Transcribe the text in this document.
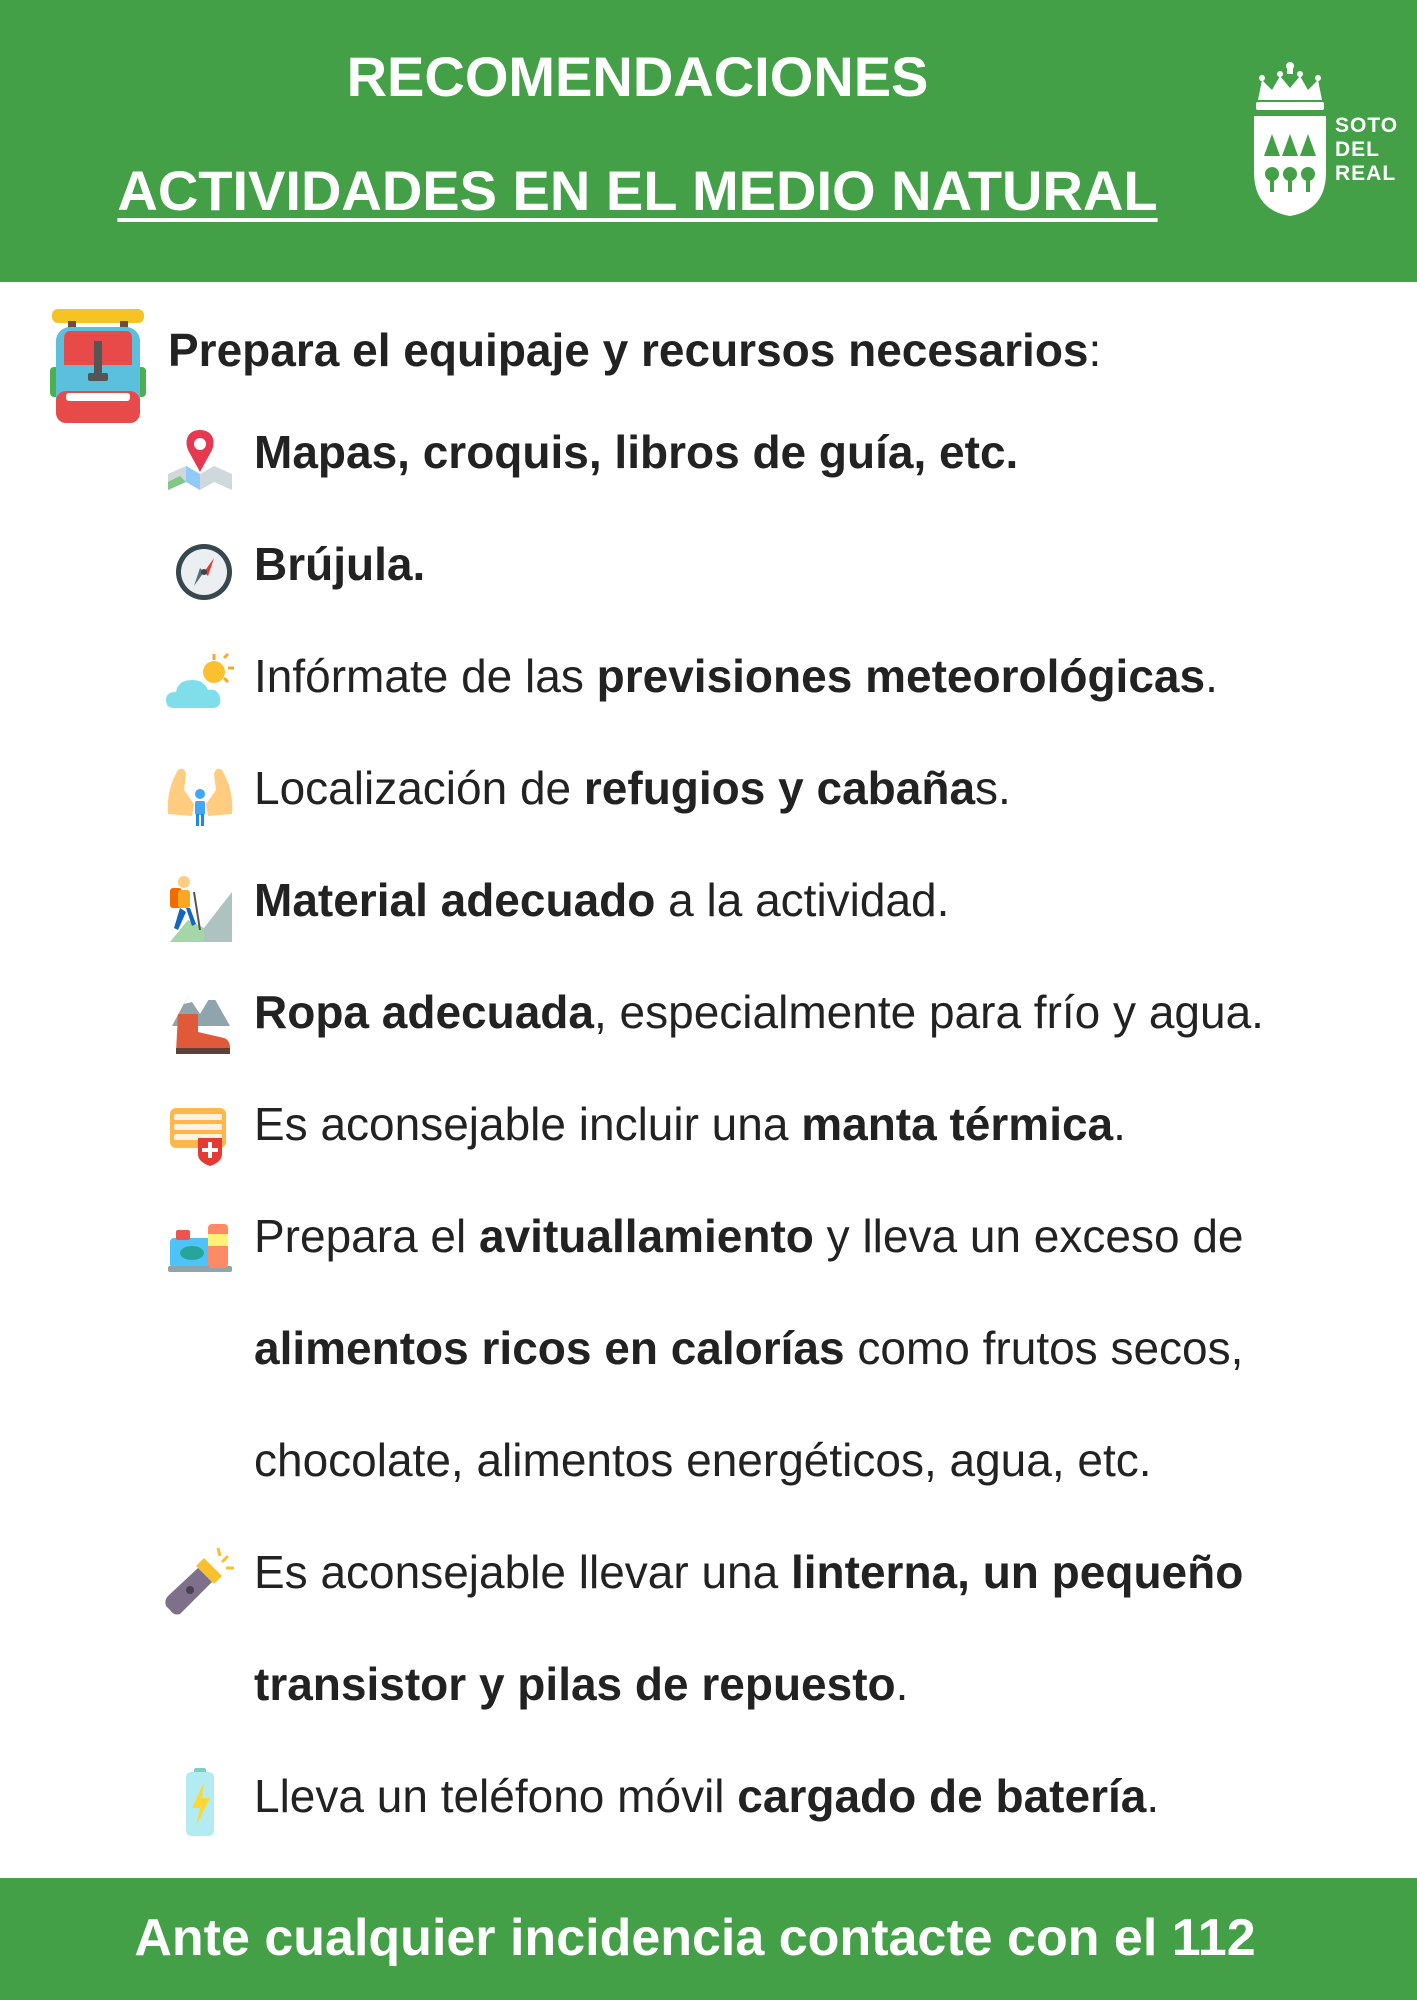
RECOMENDACIONES
ACTIVIDADES EN EL MEDIO NATURAL
SOTO
DEL
REAL
Prepara el equipaje y recursos necesarios:
Mapas, croquis, libros de guía, etc.
Brújula.
Infórmate de las previsiones meteorológicas.
Localización de refugios y cabañas.
Material adecuado a la actividad.
Ropa adecuada, especialmente para frío y agua.
Es aconsejable incluir una manta térmica.
Prepara el avituallamiento y lleva un exceso de
alimentos ricos en calorías como frutos secos,
chocolate, alimentos energéticos, agua, etc.
Es aconsejable llevar una linterna, un pequeño
transistor y pilas de repuesto.
Lleva un teléfono móvil cargado de batería.
Ante cualquier incidencia contacte con el 112
